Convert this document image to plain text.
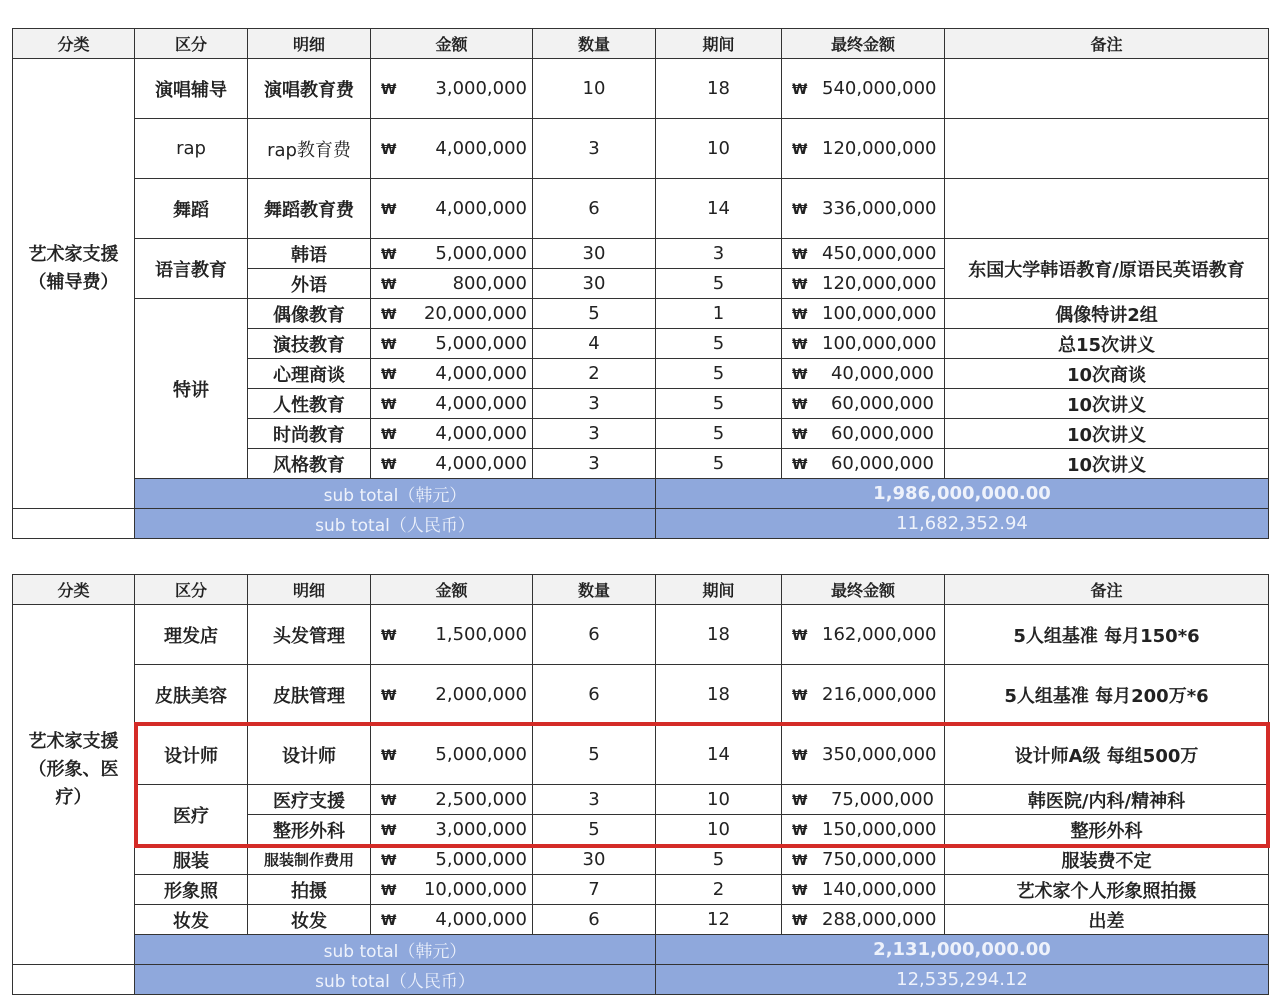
分类	区分	明细	金额	数量	期间	最终金额	备注
艺术家支援（辅导费）	演唱辅导	演唱教育费	₩ 3,000,000	10	18	₩ 540,000,000	
	rap	rap教育费	₩ 4,000,000	3	10	₩ 120,000,000	
	舞蹈	舞蹈教育费	₩ 4,000,000	6	14	₩ 336,000,000	
	语言教育	韩语	₩ 5,000,000	30	3	₩ 450,000,000	东国大学韩语教育/原语民英语教育
		外语	₩ 800,000	30	5	₩ 120,000,000	
	特讲	偶像教育	₩ 20,000,000	5	1	₩ 100,000,000	偶像特讲2组
		演技教育	₩ 5,000,000	4	5	₩ 100,000,000	总15次讲义
		心理商谈	₩ 4,000,000	2	5	₩ 40,000,000	10次商谈
		人性教育	₩ 4,000,000	3	5	₩ 60,000,000	10次讲义
		时尚教育	₩ 4,000,000	3	5	₩ 60,000,000	10次讲义
		风格教育	₩ 4,000,000	3	5	₩ 60,000,000	10次讲义
	sub total（韩元）				1,986,000,000.00		
	sub total（人民币）				11,682,352.94		
分类	区分	明细	金额	数量	期间	最终金额	备注
艺术家支援（形象、医疗）	理发店	头发管理	₩ 1,500,000	6	18	₩ 162,000,000	5人组基准 每月150*6
	皮肤美容	皮肤管理	₩ 2,000,000	6	18	₩ 216,000,000	5人组基准 每月200万*6
	设计师	设计师	₩ 5,000,000	5	14	₩ 350,000,000	设计师A级 每组500万
	医疗	医疗支援	₩ 2,500,000	3	10	₩ 75,000,000	韩医院/内科/精神科
		整形外科	₩ 3,000,000	5	10	₩ 150,000,000	整形外科
	服装	服装制作费用	₩ 5,000,000	30	5	₩ 750,000,000	服装费不定
	形象照	拍摄	₩ 10,000,000	7	2	₩ 140,000,000	艺术家个人形象照拍摄
	妆发	妆发	₩ 4,000,000	6	12	₩ 288,000,000	出差
	sub total（韩元）				2,131,000,000.00		
	sub total（人民币）				12,535,294.12		
